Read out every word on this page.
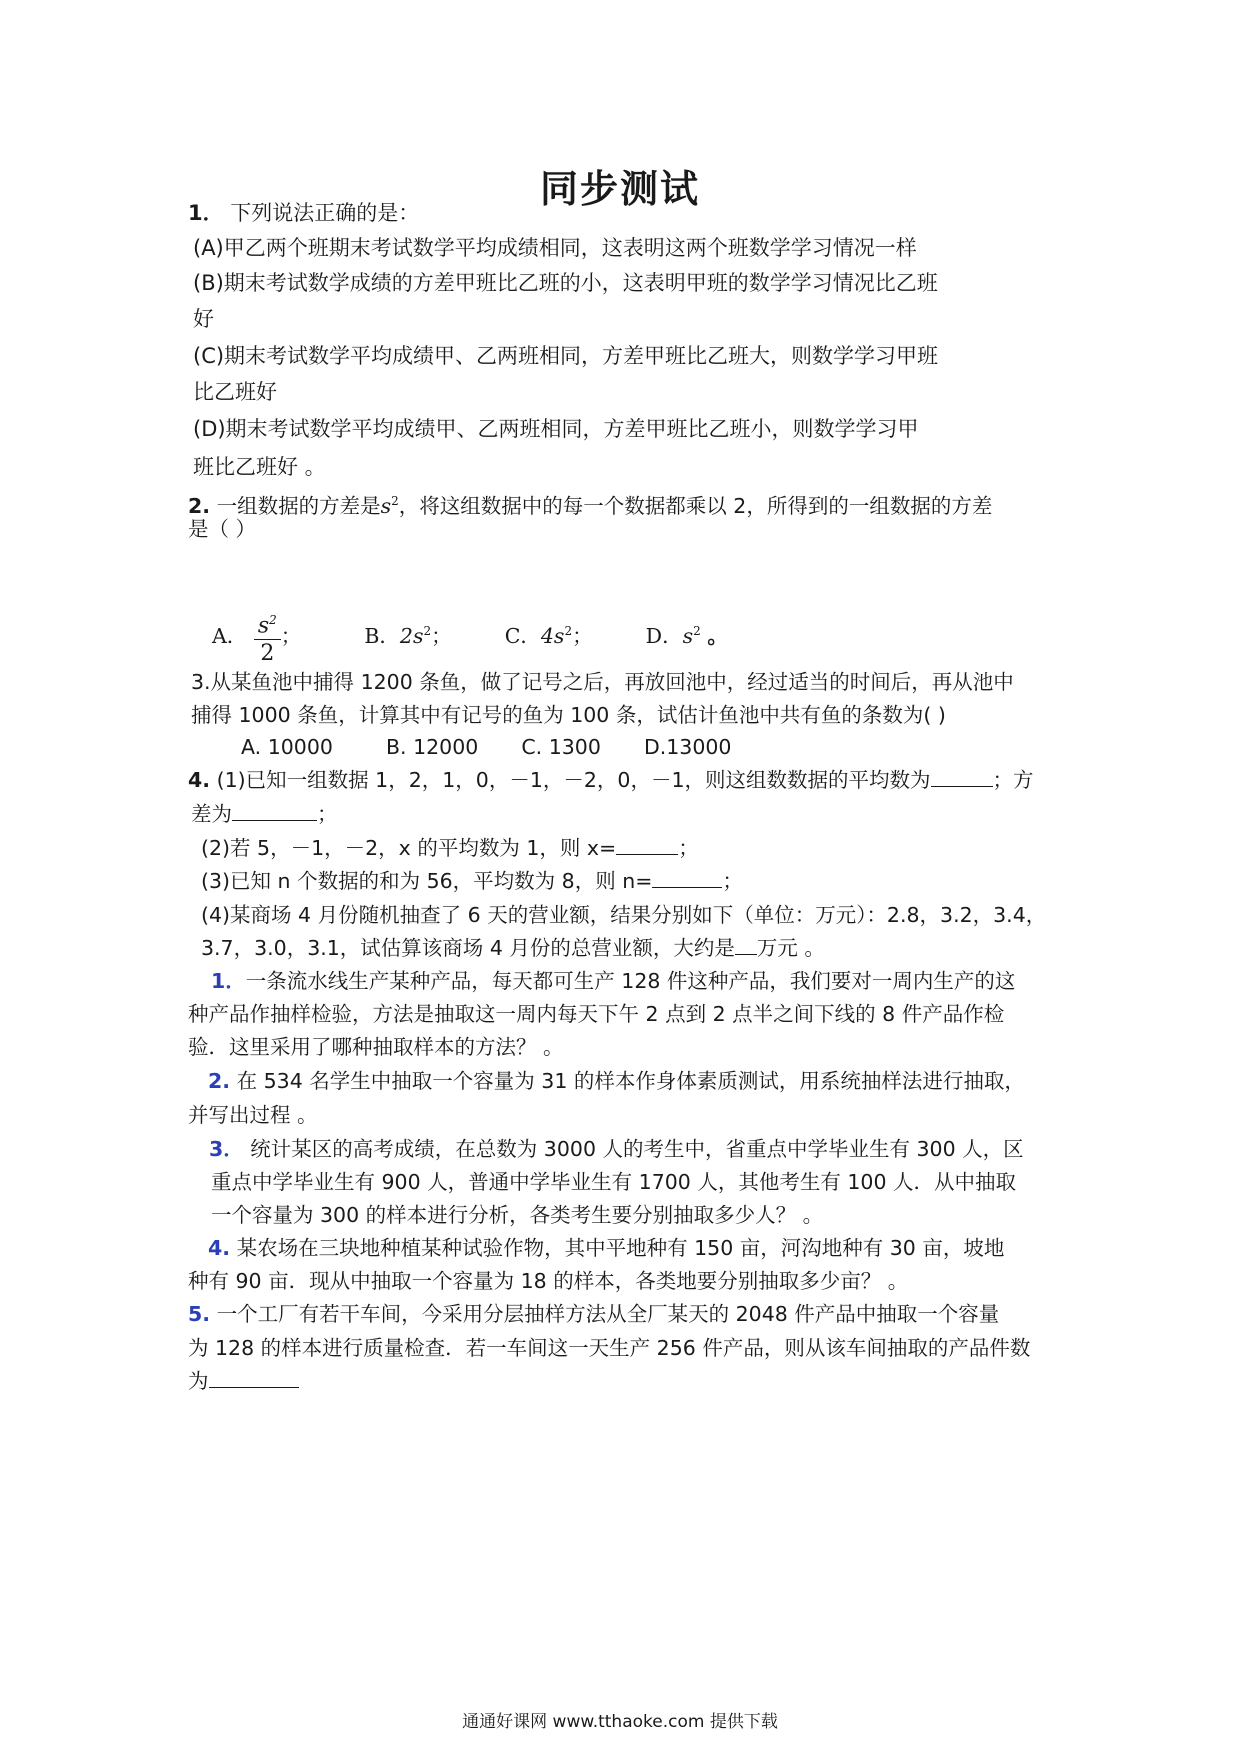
同步测试
1． 下列说法正确的是：
(A)甲乙两个班期末考试数学平均成绩相同，这表明这两个班数学学习情况一样
(B)期末考试数学成绩的方差甲班比乙班的小，这表明甲班的数学学习情况比乙班
好
(C)期末考试数学平均成绩甲、乙两班相同，方差甲班比乙班大，则数学学习甲班
比乙班好
(D)期末考试数学平均成绩甲、乙两班相同，方差甲班比乙班小，则数学学习甲
班比乙班好 。
2. 一组数据的方差是$s^2$，将这组数据中的每一个数据都乘以 2，所得到的一组数据的方差
是（ ）
A． $\frac{s^2}{2}$ ；	B．$2s^2$；	C．$4s^2$；	D．$s^2$ 。
3.从某鱼池中捕得 1200 条鱼，做了记号之后，再放回池中，经过适当的时间后，再从池中
捕得 1000 条鱼，计算其中有记号的鱼为 100 条，试估计鱼池中共有鱼的条数为( )
A. 10000	B. 12000 C. 1300 D.13000
4. (1)已知一组数据 1，2，1，0，－1，－2，0，－1，则这组数数据的平均数为	；方
差为	；
(2)若 5，－1，－2，x 的平均数为 1，则 x=	；
(3)已知 n 个数据的和为 56，平均数为 8，则 n=	；
(4)某商场 4 月份随机抽查了 6 天的营业额，结果分别如下（单位：万元）：2.8，3.2，3.4，
3.7，3.0，3.1，试估算该商场 4 月份的总营业额，大约是 万元 。
1．一条流水线生产某种产品，每天都可生产 128 件这种产品，我们要对一周内生产的这
种产品作抽样检验，方法是抽取这一周内每天下午 2 点到 2 点半之间下线的 8 件产品作检
验．这里采用了哪种抽取样本的方法？ 。
2. 在 534 名学生中抽取一个容量为 31 的样本作身体素质测试，用系统抽样法进行抽取，
并写出过程 。
3． 统计某区的高考成绩，在总数为 3000 人的考生中，省重点中学毕业生有 300 人，区
重点中学毕业生有 900 人，普通中学毕业生有 1700 人，其他考生有 100 人．从中抽取
一个容量为 300 的样本进行分析，各类考生要分别抽取多少人？ 。
4. 某农场在三块地种植某种试验作物，其中平地种有 150 亩，河沟地种有 30 亩，坡地
种有 90 亩．现从中抽取一个容量为 18 的样本，各类地要分别抽取多少亩？ 。
5. 一个工厂有若干车间，今采用分层抽样方法从全厂某天的 2048 件产品中抽取一个容量
为 128 的样本进行质量检查．若一车间这一天生产 256 件产品，则从该车间抽取的产品件数
为
通通好课网 www.tthaoke.com 提供下载
